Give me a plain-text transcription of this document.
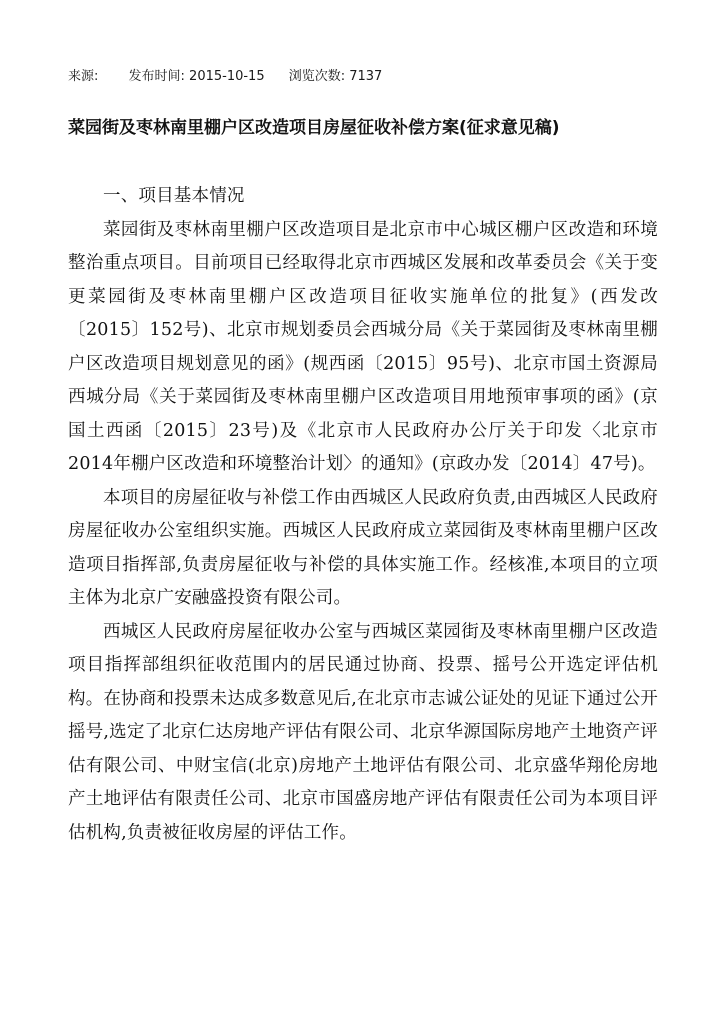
来源: 发布时间: 2015-10-15 浏览次数: 7137
菜园街及枣林南里棚户区改造项目房屋征收补偿方案(征求意见稿)
一、项目基本情况

菜园街及枣林南里棚户区改造项目是北京市中心城区棚户区改造和环境整治重点项目。目前项目已经取得北京市西城区发展和改革委员会《关于变更菜园街及枣林南里棚户区改造项目征收实施单位的批复》(西发改〔2015〕152号)、北京市规划委员会西城分局《关于菜园街及枣林南里棚户区改造项目规划意见的函》(规西函〔2015〕95号)、北京市国土资源局西城分局《关于菜园街及枣林南里棚户区改造项目用地预审事项的函》(京国土西函〔2015〕23号)及《北京市人民政府办公厅关于印发〈北京市2014年棚户区改造和环境整治计划〉的通知》(京政办发〔2014〕47号)。

本项目的房屋征收与补偿工作由西城区人民政府负责,由西城区人民政府房屋征收办公室组织实施。西城区人民政府成立菜园街及枣林南里棚户区改造项目指挥部,负责房屋征收与补偿的具体实施工作。经核准,本项目的立项主体为北京广安融盛投资有限公司。

西城区人民政府房屋征收办公室与西城区菜园街及枣林南里棚户区改造项目指挥部组织征收范围内的居民通过协商、投票、摇号公开选定评估机构。在协商和投票未达成多数意见后,在北京市志诚公证处的见证下通过公开摇号,选定了北京仁达房地产评估有限公司、北京华源国际房地产土地资产评估有限公司、中财宝信(北京)房地产土地评估有限公司、北京盛华翔伦房地产土地评估有限责任公司、北京市国盛房地产评估有限责任公司为本项目评估机构,负责被征收房屋的评估工作。
